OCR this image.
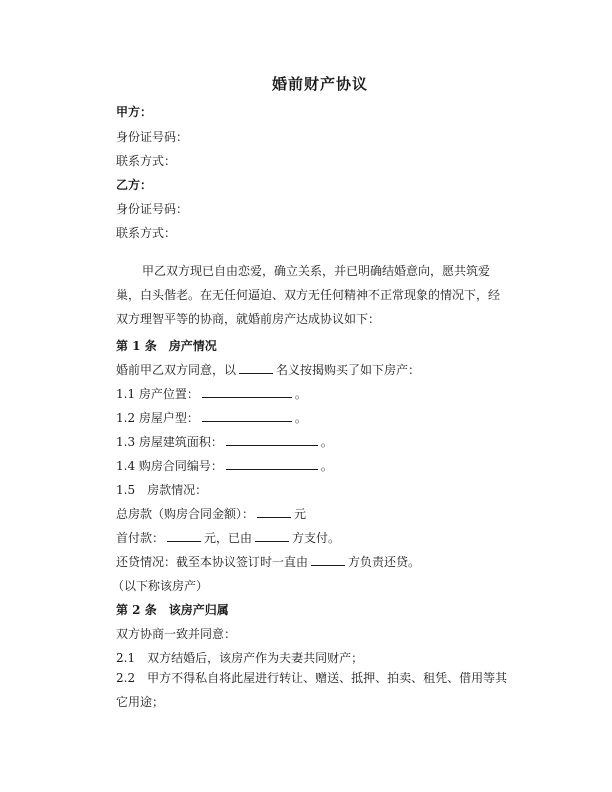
婚前财产协议
甲方：
身份证号码：
联系方式：
乙方：
身份证号码：
联系方式：
甲乙双方现已自由恋爱，确立关系，并已明确结婚意向，愿共筑爱巢，白头偕老。在无任何逼迫、双方无任何精神不正常现象的情况下，经双方理智平等的协商，就婚前房产达成协议如下：
第 1 条　房产情况
婚前甲乙双方同意，以	名义按揭购买了如下房产：
1.1 房产位置：	。
1.2 房屋户型：	。
1.3 房屋建筑面积：	。
1.4 购房合同编号：	。
1.5　房款情况：
总房款（购房合同金额）：	元
首付款：	元，已由	方支付。
还贷情况：截至本协议签订时一直由	方负责还贷。
（以下称该房产）
第 2 条　该房产归属
双方协商一致并同意：
2.1　双方结婚后，该房产作为夫妻共同财产；
2.2　甲方不得私自将此屋进行转让、赠送、抵押、拍卖、租凭、借用等其它用途；
